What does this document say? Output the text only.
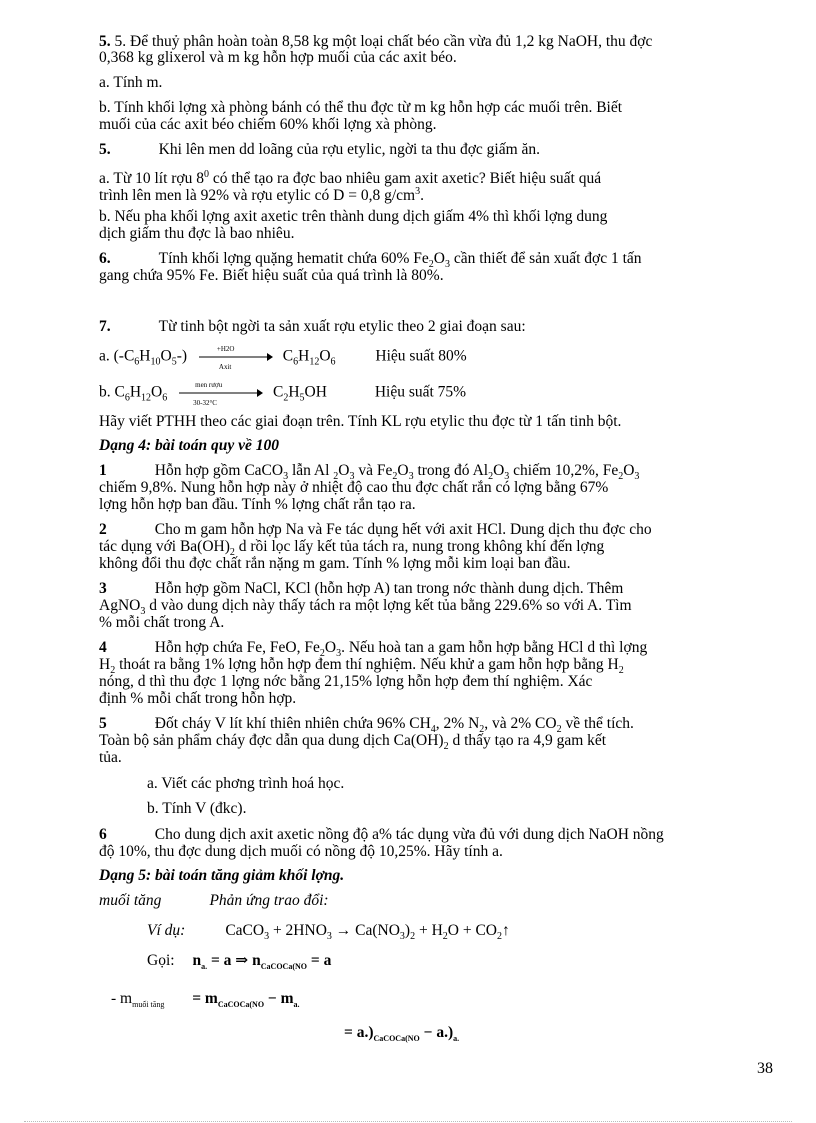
5. 5. Để thuỷ phân hoàn toàn 8,58 kg một loại chất béo cần vừa đủ 1,2 kg NaOH, thu đợc
0,368 kg glixerol và m kg hỗn hợp muối của các axit béo.
a. Tính m.
b. Tính khối lợng xà phòng bánh có thể thu đợc từ m kg hỗn hợp các muối trên. Biết
muối của các axit béo chiếm 60% khối lợng xà phòng.
5.	Khi lên men dd loãng của rợu etylic, ngời ta thu đợc giấm ăn.
a. Từ 10 lít rợu $8^0$ có thể tạo ra đợc bao nhiêu gam axit axetic? Biết hiệu suất quá
trình lên men là 92% và rợu etylic có D = 0,8 $g/cm^3$.
b. Nếu pha khối lợng axit axetic trên thành dung dịch giấm 4% thì khối lợng dung
dịch giấm thu đợc là bao nhiêu.
6.	Tính khối lợng quặng hematit chứa 60% $Fe_2O_3$ cần thiết để sản xuất đợc 1 tấn
gang chứa 95% Fe. Biết hiệu suất của quá trình là 80%.
7.	Từ tinh bột ngời ta sản xuất rợu etylic theo 2 giai đoạn sau:
a. $(-C_6H_{10}O_5-)$	+H2O
Axit
$C_6H_{12}O_6$	Hiệu suất 80%
b. $C_6H_{12}O_6$
men rượu
30-32°C
$C_2H_5OH$	Hiệu suất 75%
Hãy viết PTHH theo các giai đoạn trên. Tính KL rợu etylic thu đợc từ 1 tấn tinh bột.
Dạng 4: bài toán quy về 100
1	Hỗn hợp gồm CaCO$_3$ lẫn Al $_2O_3$ và $Fe_2O_3$ trong đó $Al_2O_3$ chiếm 10,2%, $Fe_2O_3$
chiếm 9,8%. Nung hỗn hợp này ở nhiệt độ cao thu đợc chất rắn có lợng bằng 67%
lợng hỗn hợp ban đầu. Tính % lợng chất rắn tạo ra.
2	Cho m gam hỗn hợp Na và Fe tác dụng hết với axit HCl. Dung dịch thu đợc cho
tác dụng với $Ba(OH)_2$ d rồi lọc lấy kết tủa tách ra, nung trong không khí đến lợng
không đổi thu đợc chất rắn nặng m gam. Tính % lợng mỗi kim loại ban đầu.
3	Hỗn hợp gồm NaCl, KCl (hỗn hợp A) tan trong nớc thành dung dịch. Thêm
AgNO$_3$ d vào dung dịch này thấy tách ra một lợng kết tủa bằng 229.6% so với A. Tìm
% mỗi chất trong A.
4	Hỗn hợp chứa Fe, FeO, $Fe_2O_3$. Nếu hoà tan a gam hỗn hợp bằng HCl d thì lợng
$H_2$ thoát ra bằng 1% lợng hỗn hợp đem thí nghiệm. Nếu khử a gam hỗn hợp bằng $H_2$
nóng, d thì thu đợc 1 lợng nớc bằng 21,15% lợng hỗn hợp đem thí nghiệm. Xác
định % mỗi chất trong hỗn hợp.
5	Đốt cháy V lít khí thiên nhiên chứa 96% $CH_4$, 2% $N_2$, và 2% $CO_2$ về thể tích.
Toàn bộ sản phẩm cháy đợc dẫn qua dung dịch $Ca(OH)_2$ d thấy tạo ra 4,9 gam kết
tủa.
a. Viết các phơng trình hoá học.
b. Tính V (đkc).
6	Cho dung dịch axit axetic nồng độ a% tác dụng vừa đủ với dung dịch NaOH nồng
độ 10%, thu đợc dung dịch muối có nồng độ 10,25%. Hãy tính a.
Dạng 5: bài toán tăng giảm khối lợng.
muối tăng	Phản ứng trao đổi:
Ví dụ:	CaCO$_3$ + $2HNO_3 \to Ca(NO_3)_2 + H_2O$ + $CO_2↑$
Gọi: $n_{a.} = a$ ⇒ $n_{CaCOCa(NO} = a$
- $m_{muối tăng} = m_{CaCOCa(NO} - m_{a.}$
= $a.)_{CaCOCa(NO} - a.)_{a.}$
38
